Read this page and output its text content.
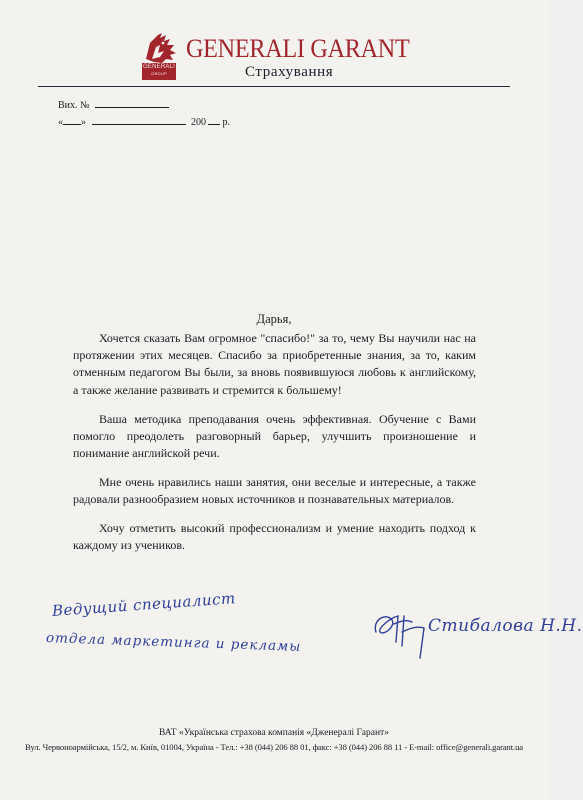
GENERALI
GROUP
GENERALI GARANT
Страхування
Вих. №
« »	200 р.
Дарья,
Хочется сказать Вам огромное "спасибо!" за то, чему Вы научили нас на протяжении этих месяцев. Спасибо за приобретенные знания, за то, каким отменным педагогом Вы были, за вновь появившуюся любовь к английскому, а также желание развивать и стремится к большему!
Ваша методика преподавания очень эффективная. Обучение с Вами помогло преодолеть разговорный барьер, улучшить произношение и понимание английской речи.
Мне очень нравились наши занятия, они веселые и интересные, а также радовали разнообразием новых источников и познавательных материалов.
Хочу отметить высокий профессионализм и умение находить подход к каждому из учеников.
Ведущий специалист
отдела маркетинга и рекламы
Стибалова Н.Н.
ВАТ «Українська страхова компанія «Дженералі Гарант»
Вул. Червоноармійська, 15/2, м. Київ, 01004, Україна - Тел.: +38 (044) 206 88 01, факс: +38 (044) 206 88 11 - E-mail: office@generali.garant.ua
